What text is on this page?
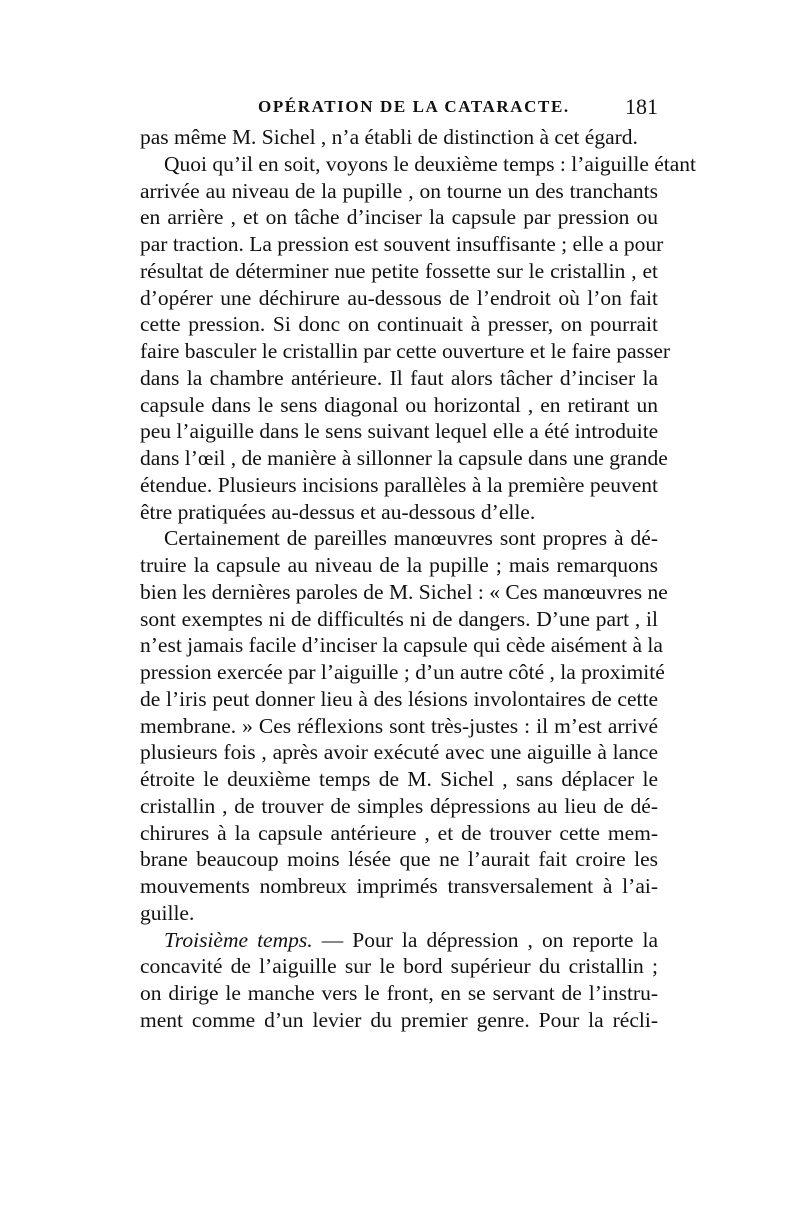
OPÉRATION DE LA CATARACTE.	181
pas même M. Sichel , n’a établi de distinction à cet égard.
Quoi qu’il en soit, voyons le deuxième temps : l’aiguille étant
arrivée au niveau de la pupille , on tourne un des tranchants
en arrière , et on tâche d’inciser la capsule par pression ou
par traction. La pression est souvent insuffisante ; elle a pour
résultat de déterminer nue petite fossette sur le cristallin , et
d’opérer une déchirure au-dessous de l’endroit où l’on fait
cette pression. Si donc on continuait à presser, on pourrait
faire basculer le cristallin par cette ouverture et le faire passer
dans la chambre antérieure. Il faut alors tâcher d’inciser la
capsule dans le sens diagonal ou horizontal , en retirant un
peu l’aiguille dans le sens suivant lequel elle a été introduite
dans l’œil , de manière à sillonner la capsule dans une grande
étendue. Plusieurs incisions parallèles à la première peuvent
être pratiquées au-dessus et au-dessous d’elle.
Certainement de pareilles manœuvres sont propres à dé-
truire la capsule au niveau de la pupille ; mais remarquons
bien les dernières paroles de M. Sichel : « Ces manœuvres ne
sont exemptes ni de difficultés ni de dangers. D’une part , il
n’est jamais facile d’inciser la capsule qui cède aisément à la
pression exercée par l’aiguille ; d’un autre côté , la proximité
de l’iris peut donner lieu à des lésions involontaires de cette
membrane. » Ces réflexions sont très-justes : il m’est arrivé
plusieurs fois , après avoir exécuté avec une aiguille à lance
étroite le deuxième temps de M. Sichel , sans déplacer le
cristallin , de trouver de simples dépressions au lieu de dé-
chirures à la capsule antérieure , et de trouver cette mem-
brane beaucoup moins lésée que ne l’aurait fait croire les
mouvements nombreux imprimés transversalement à l’ai-
guille.
Troisième temps. — Pour la dépression , on reporte la
concavité de l’aiguille sur le bord supérieur du cristallin ;
on dirige le manche vers le front, en se servant de l’instru-
ment comme d’un levier du premier genre. Pour la récli-
